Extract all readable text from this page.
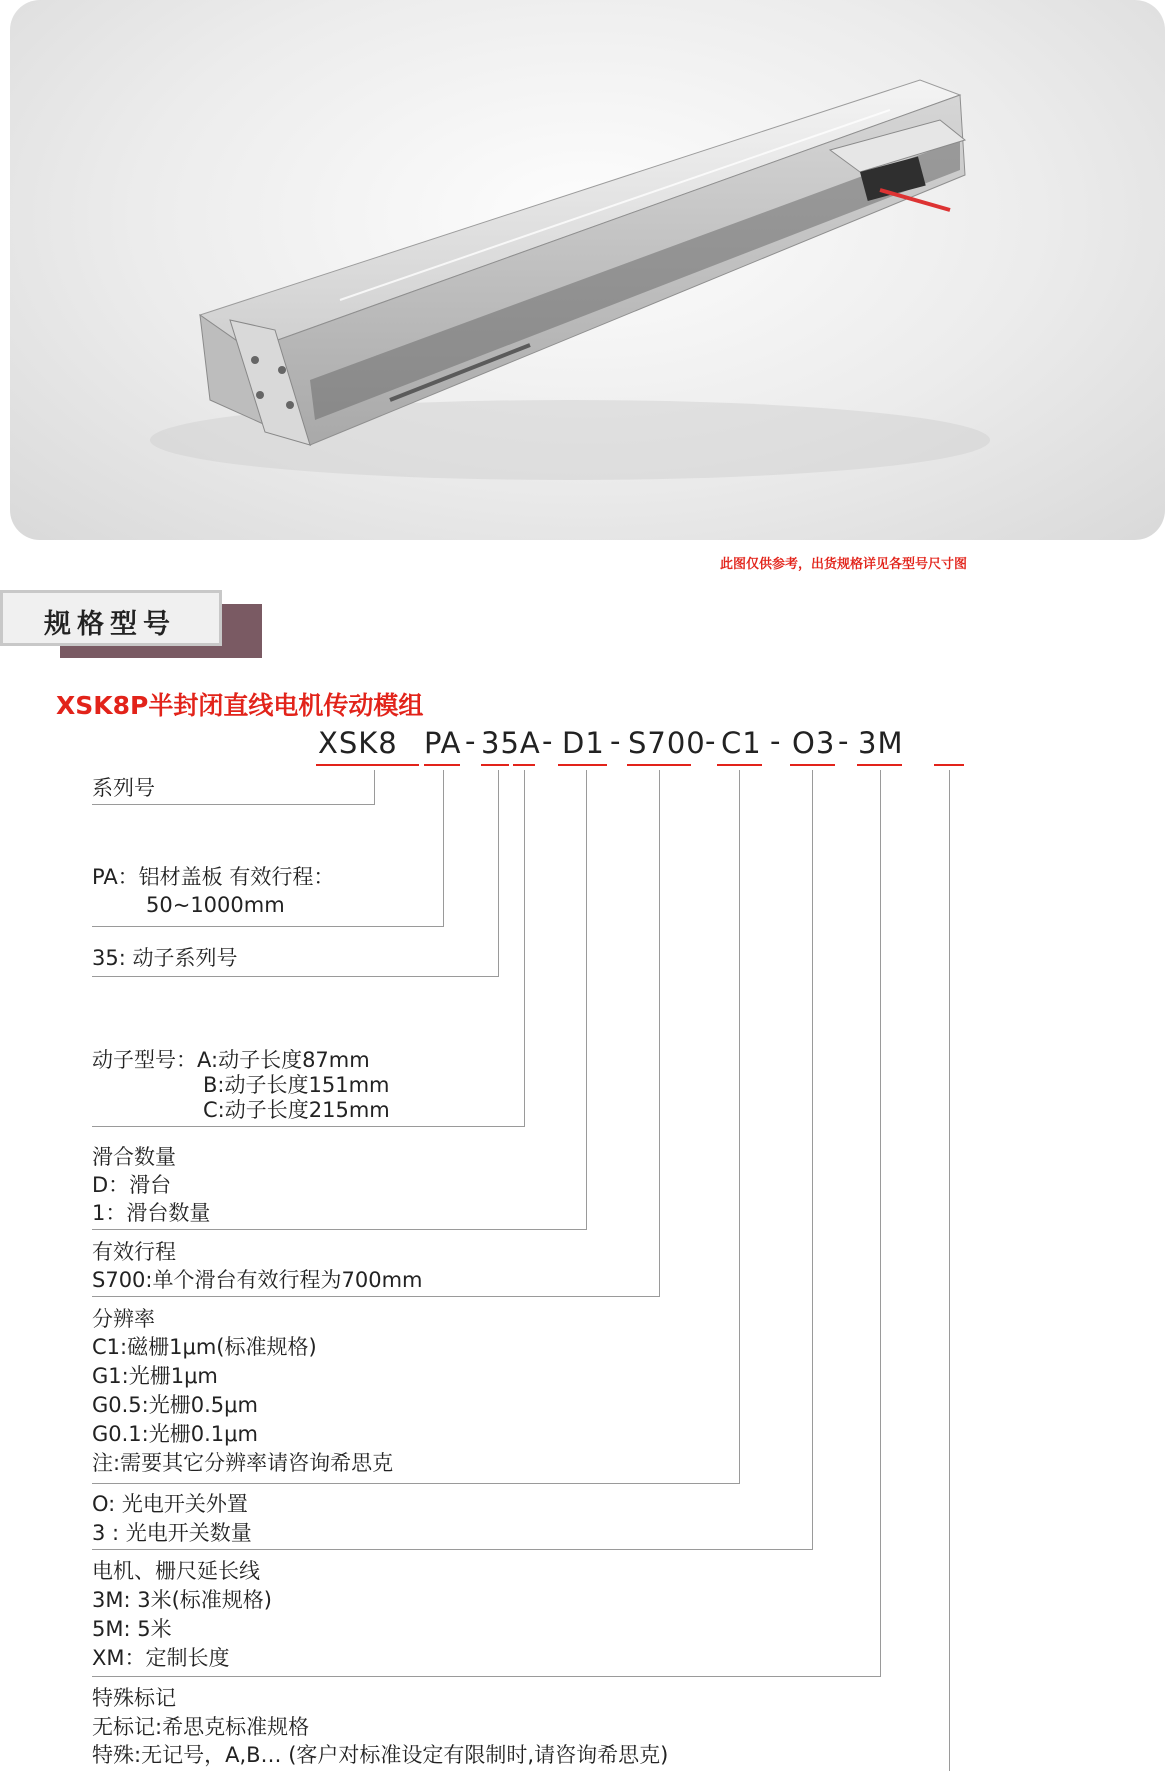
此图仅供参考，出货规格详见各型号尺寸图
规格型号
XSK8P半封闭直线电机传动模组
XSK8 PA - 35A - D1 - S700 - C1 - O3 - 3M
系列号
PA：铝材盖板 有效行程：
50~1000mm
35: 动子系列号
动子型号：A:动子长度87mm
B:动子长度151mm
C:动子长度215mm
滑合数量
D：滑台
1：滑台数量
有效行程
S700:单个滑台有效行程为700mm
分辨率
C1:磁栅1μm(标准规格)
G1:光栅1μm
G0.5:光栅0.5μm
G0.1:光栅0.1μm
注:需要其它分辨率请咨询希思克
O: 光电开关外置
3 : 光电开关数量
电机、栅尺延长线
3M: 3米(标准规格)
5M: 5米
XM：定制长度
特殊标记
无标记:希思克标准规格
特殊:无记号，A,B… (客户对标准设定有限制时,请咨询希思克)
